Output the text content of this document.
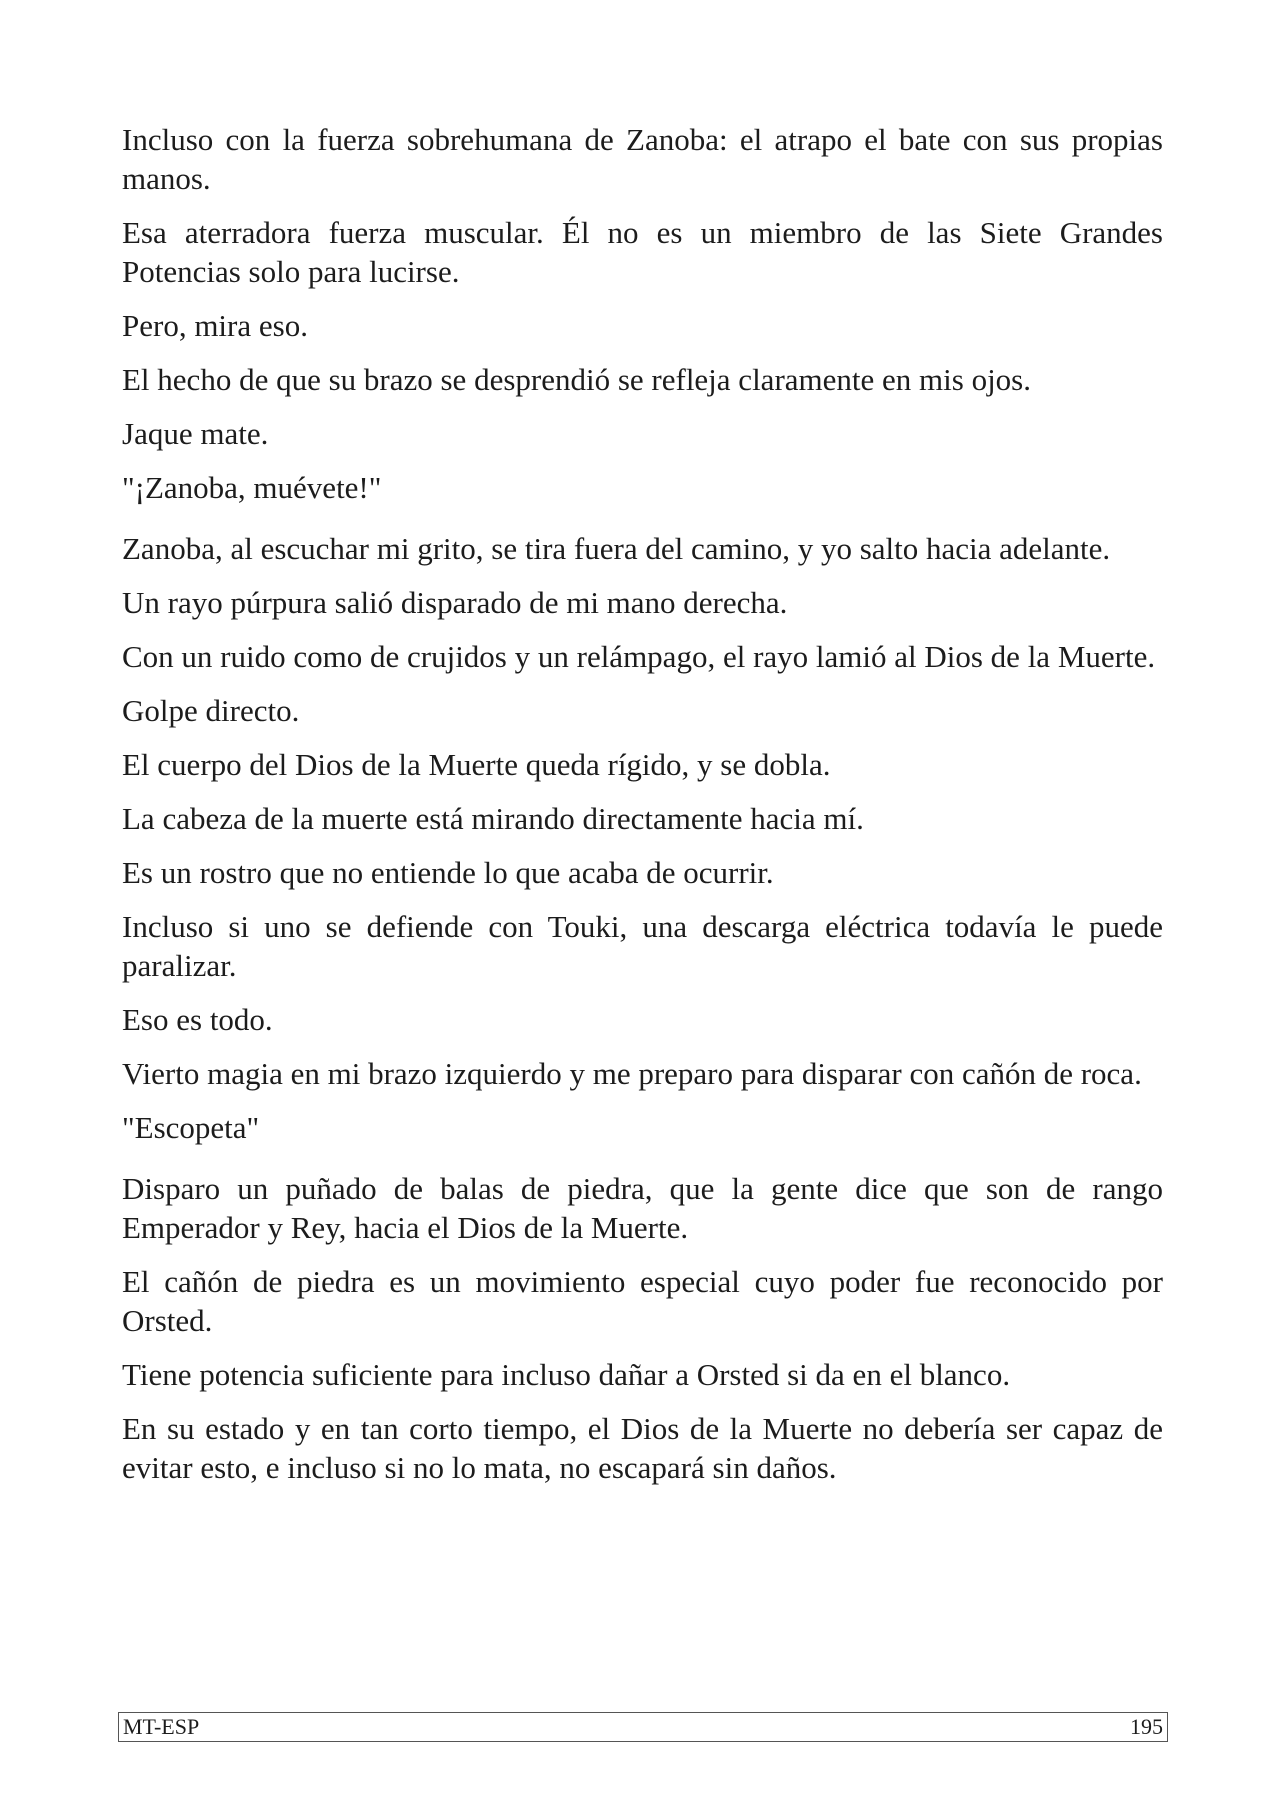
Incluso con la fuerza sobrehumana de Zanoba: el atrapo el bate con sus propias manos.

Esa aterradora fuerza muscular. Él no es un miembro de las Siete Grandes Potencias solo para lucirse.

Pero, mira eso.

El hecho de que su brazo se desprendió se refleja claramente en mis ojos.

Jaque mate.

"¡Zanoba, muévete!"

Zanoba, al escuchar mi grito, se tira fuera del camino, y yo salto hacia adelante.

Un rayo púrpura salió disparado de mi mano derecha.

Con un ruido como de crujidos y un relámpago, el rayo lamió al Dios de la Muerte.

Golpe directo.

El cuerpo del Dios de la Muerte queda rígido, y se dobla.

La cabeza de la muerte está mirando directamente hacia mí.

Es un rostro que no entiende lo que acaba de ocurrir.

Incluso si uno se defiende con Touki, una descarga eléctrica todavía le puede paralizar.

Eso es todo.

Vierto magia en mi brazo izquierdo y me preparo para disparar con cañón de roca.

"Escopeta"

Disparo un puñado de balas de piedra, que la gente dice que son de rango Emperador y Rey, hacia el Dios de la Muerte.

El cañón de piedra es un movimiento especial cuyo poder fue reconocido por Orsted.

Tiene potencia suficiente para incluso dañar a Orsted si da en el blanco.

En su estado y en tan corto tiempo, el Dios de la Muerte no debería ser capaz de evitar esto, e incluso si no lo mata, no escapará sin daños.

MT-ESP	195
